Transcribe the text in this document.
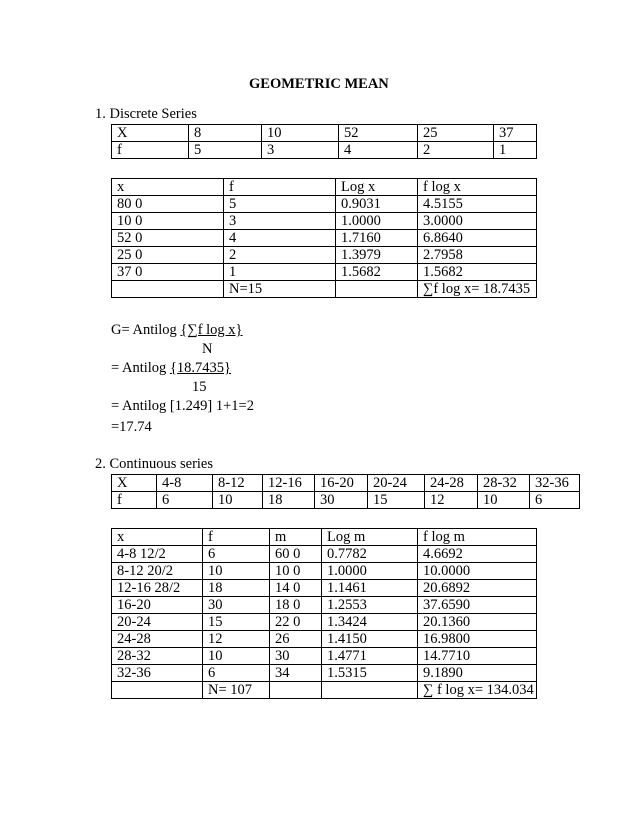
GEOMETRIC MEAN
1. Discrete Series
X	8	10	52	25	37
f	5	3	4	2	1
x	f	Log x	f log x
80 0	5	0.9031	4.5155
10 0	3	1.0000	3.0000
52 0	4	1.7160	6.8640
25 0	2	1.3979	2.7958
37 0	1	1.5682	1.5682
	N=15		∑f log x= 18.7435
G= Antilog {∑f log x}
N
= Antilog {18.7435}
15
= Antilog [1.249] 1+1=2
=17.74
2. Continuous series
X	4-8	8-12	12-16	16-20	20-24	24-28	28-32	32-36
f	6	10	18	30	15	12	10	6
x	f	m	Log m	f log m
4-8 12/2	6	60 0	0.7782	4.6692
8-12 20/2	10	10 0	1.0000	10.0000
12-16 28/2	18	14 0	1.1461	20.6892
16-20	30	18 0	1.2553	37.6590
20-24	15	22 0	1.3424	20.1360
24-28	12	26	1.4150	16.9800
28-32	10	30	1.4771	14.7710
32-36	6	34	1.5315	9.1890
	N= 107			∑ f log x= 134.034
